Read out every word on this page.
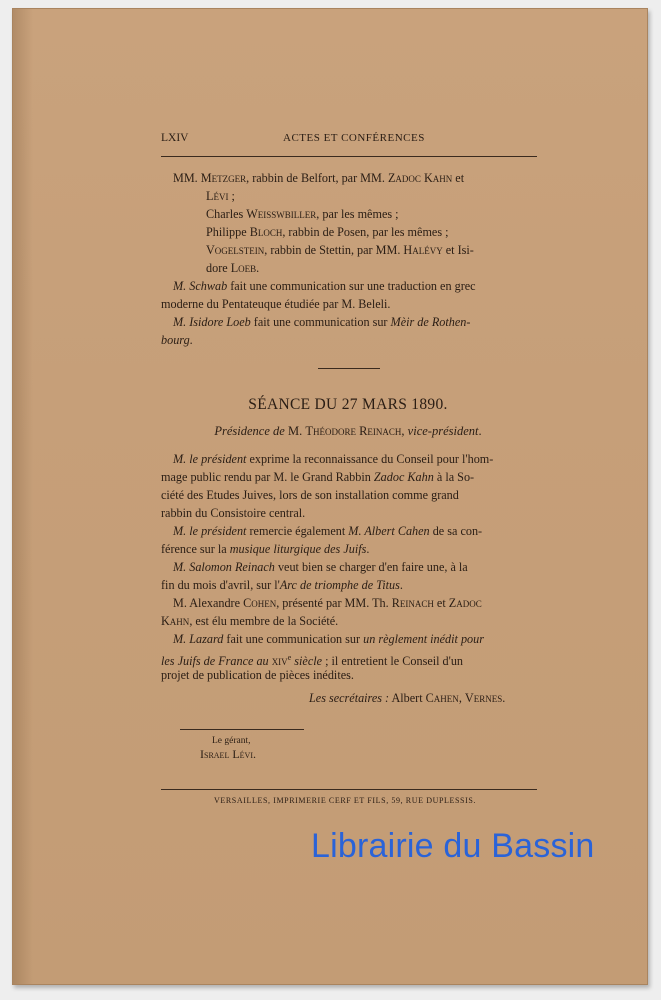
LXIV	ACTES ET CONFÉRENCES
MM. Metzger, rabbin de Belfort, par MM. Zadoc Kahn et
Lévi ;
Charles Weisswbiller, par les mêmes ;
Philippe Bloch, rabbin de Posen, par les mêmes ;
Vogelstein, rabbin de Stettin, par MM. Halévy et Isi-
dore Loeb.
M. Schwab fait une communication sur une traduction en grec
moderne du Pentateuque étudiée par M. Beleli.
M. Isidore Loeb fait une communication sur Mèir de Rothen-
bourg.
SÉANCE DU 27 MARS 1890.
Présidence de M. Théodore Reinach, vice-président.
M. le président exprime la reconnaissance du Conseil pour l'hom-
mage public rendu par M. le Grand Rabbin Zadoc Kahn à la So-
ciété des Etudes Juives, lors de son installation comme grand
rabbin du Consistoire central.
M. le président remercie également M. Albert Cahen de sa con-
férence sur la musique liturgique des Juifs.
M. Salomon Reinach veut bien se charger d'en faire une, à la
fin du mois d'avril, sur l'Arc de triomphe de Titus.
M. Alexandre Cohen, présenté par MM. Th. Reinach et Zadoc
Kahn, est élu membre de la Société.
M. Lazard fait une communication sur un règlement inédit pour
les Juifs de France au xiv$^e$ siècle ; il entretient le Conseil d'un
projet de publication de pièces inédites.
Les secrétaires : Albert Cahen, Vernes.
Le gérant,
Israel Lévi.
VERSAILLES, IMPRIMERIE CERF ET FILS, 59, RUE DUPLESSIS.
Librairie du Bassin
